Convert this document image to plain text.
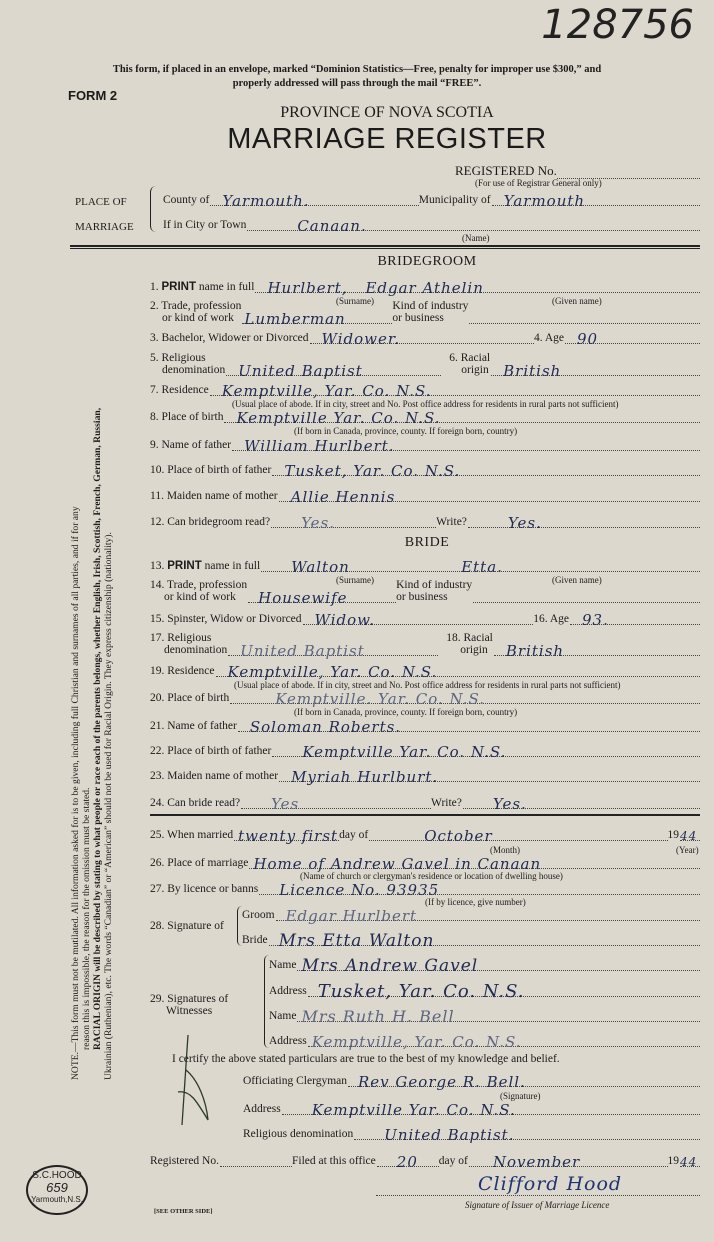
128756
This form, if placed in an envelope, marked “Dominion Statistics—Free, penalty for improper use $300,” and
properly addressed will pass through the mail “FREE”.
FORM 2
PROVINCE OF NOVA SCOTIA
MARRIAGE REGISTER
REGISTERED No.
(For use of Registrar General only)
PLACE OF
MARRIAGE
County of Yarmouth.	Municipality of Yarmouth
If in City or Town	Canaan.
(Name)
NOTE.—This form must not be mutilated. All information asked for is to be given, including full Christian and surnames of all parties, and if for any reason this is impossible, the reason for the omission must be stated. RACIAL ORIGIN will be described by stating to what people or race each of the parents belongs, whether English, Irish, Scottish, French, German, Russian, Ukrainian (Ruthenian), etc. The words “Canadian” or “American” should not be used for Racial Origin. They express citizenship (nationality).
BRIDEGROOM
1. PRINT name in full Hurlbert, Edgar Athelin
(Surname)	(Given name)
2. Trade, profession
or kind of work Lumberman
Kind of industry
or business
3. Bachelor, Widower or Divorced Widower.	4. Age 90
5. Religious
denomination United Baptist
6. Racial
origin British
7. Residence Kemptville, Yar. Co. N.S.
(Usual place of abode. If in city, street and No. Post office address for residents in rural parts not sufficient)
8. Place of birth Kemptville Yar. Co. N.S.
(If born in Canada, province, county. If foreign born, country)
9. Name of father William Hurlbert.
10. Place of birth of father Tusket, Yar. Co. N.S.
11. Maiden name of mother Allie Hennis
12. Can bridegroom read? Yes.	Write?	Yes.
BRIDE
13. PRINT name in full Walton	Etta.
(Surname)	(Given name)
14. Trade, profession
or kind of work	Housewife
Kind of industry
or business
15. Spinster, Widow or Divorced Widow.	16. Age 93.
17. Religious
denomination United Baptist
18. Racial
origin	British
19. Residence Kemptville, Yar. Co. N.S.
(Usual place of abode. If in city, street and No. Post office address for residents in rural parts not sufficient)
20. Place of birth	Kemptville. Yar. Co. N.S.
(If born in Canada, province, county. If foreign born, country)
21. Name of father Soloman Roberts.
22. Place of birth of father Kemptville Yar. Co. N.S.
23. Maiden name of mother Myriah Hurlburt.
24. Can bride read? Yes	Write? Yes.
25. When married twenty first day of	October	19 44
(Month)	(Year)
26. Place of marriage Home of Andrew Gavel in Canaan
(Name of church or clergyman's residence or location of dwelling house)
27. By licence or banns Licence No. 93935
(If by licence, give number)
28. Signature of
Groom Edgar Hurlbert
Bride Mrs Etta Walton
29. Signatures of
Witnesses
Name Mrs Andrew Gavel
Address Tusket, Yar. Co. N.S.
Name Mrs Ruth H. Bell
Address Kemptville, Yar. Co. N.S.
I certify the above stated particulars are true to the best of my knowledge and belief.
Officiating Clergyman Rev George R. Bell.
(Signature)
Address Kemptville Yar. Co. N.S.
Religious denomination United Baptist.
Registered No.	Filed at this office 20 day of November	19 44
Clifford Hood
Signature of Issuer of Marriage Licence
[SEE OTHER SIDE]
S.C.HOOD
659
Yarmouth,N.S.
